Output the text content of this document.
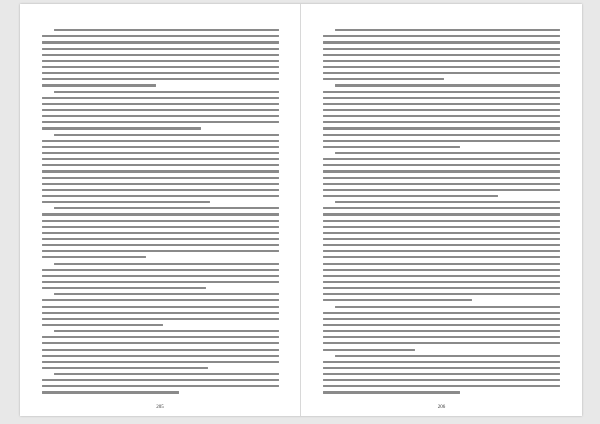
205	206
